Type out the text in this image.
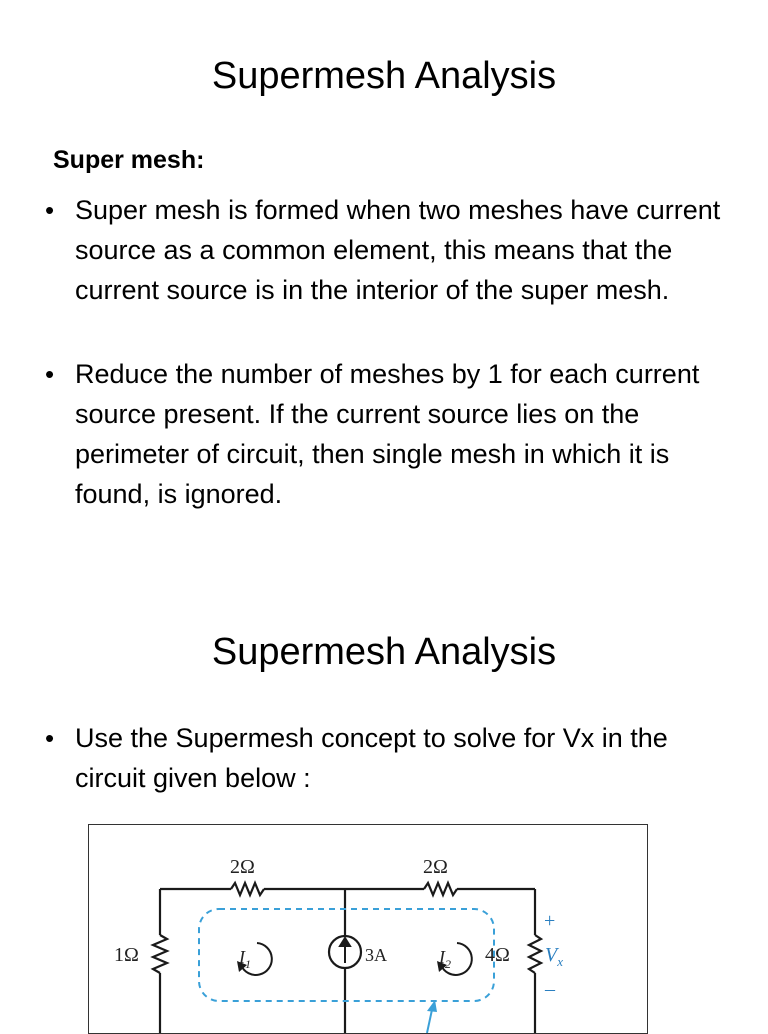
Supermesh Analysis
Super mesh:
• Super mesh is formed when two meshes have current source as a common element, this means that the current source is in the interior of the super mesh.
• Reduce the number of meshes by 1 for each current source present. If the current source lies on the perimeter of circuit, then single mesh in which it is found, is ignored.
Supermesh Analysis
• Use the Supermesh concept to solve for Vx in the circuit given below :
2Ω	2Ω
1Ω	3A
$I_1$	$I_2$ 4Ω
+
$V_x$
–
